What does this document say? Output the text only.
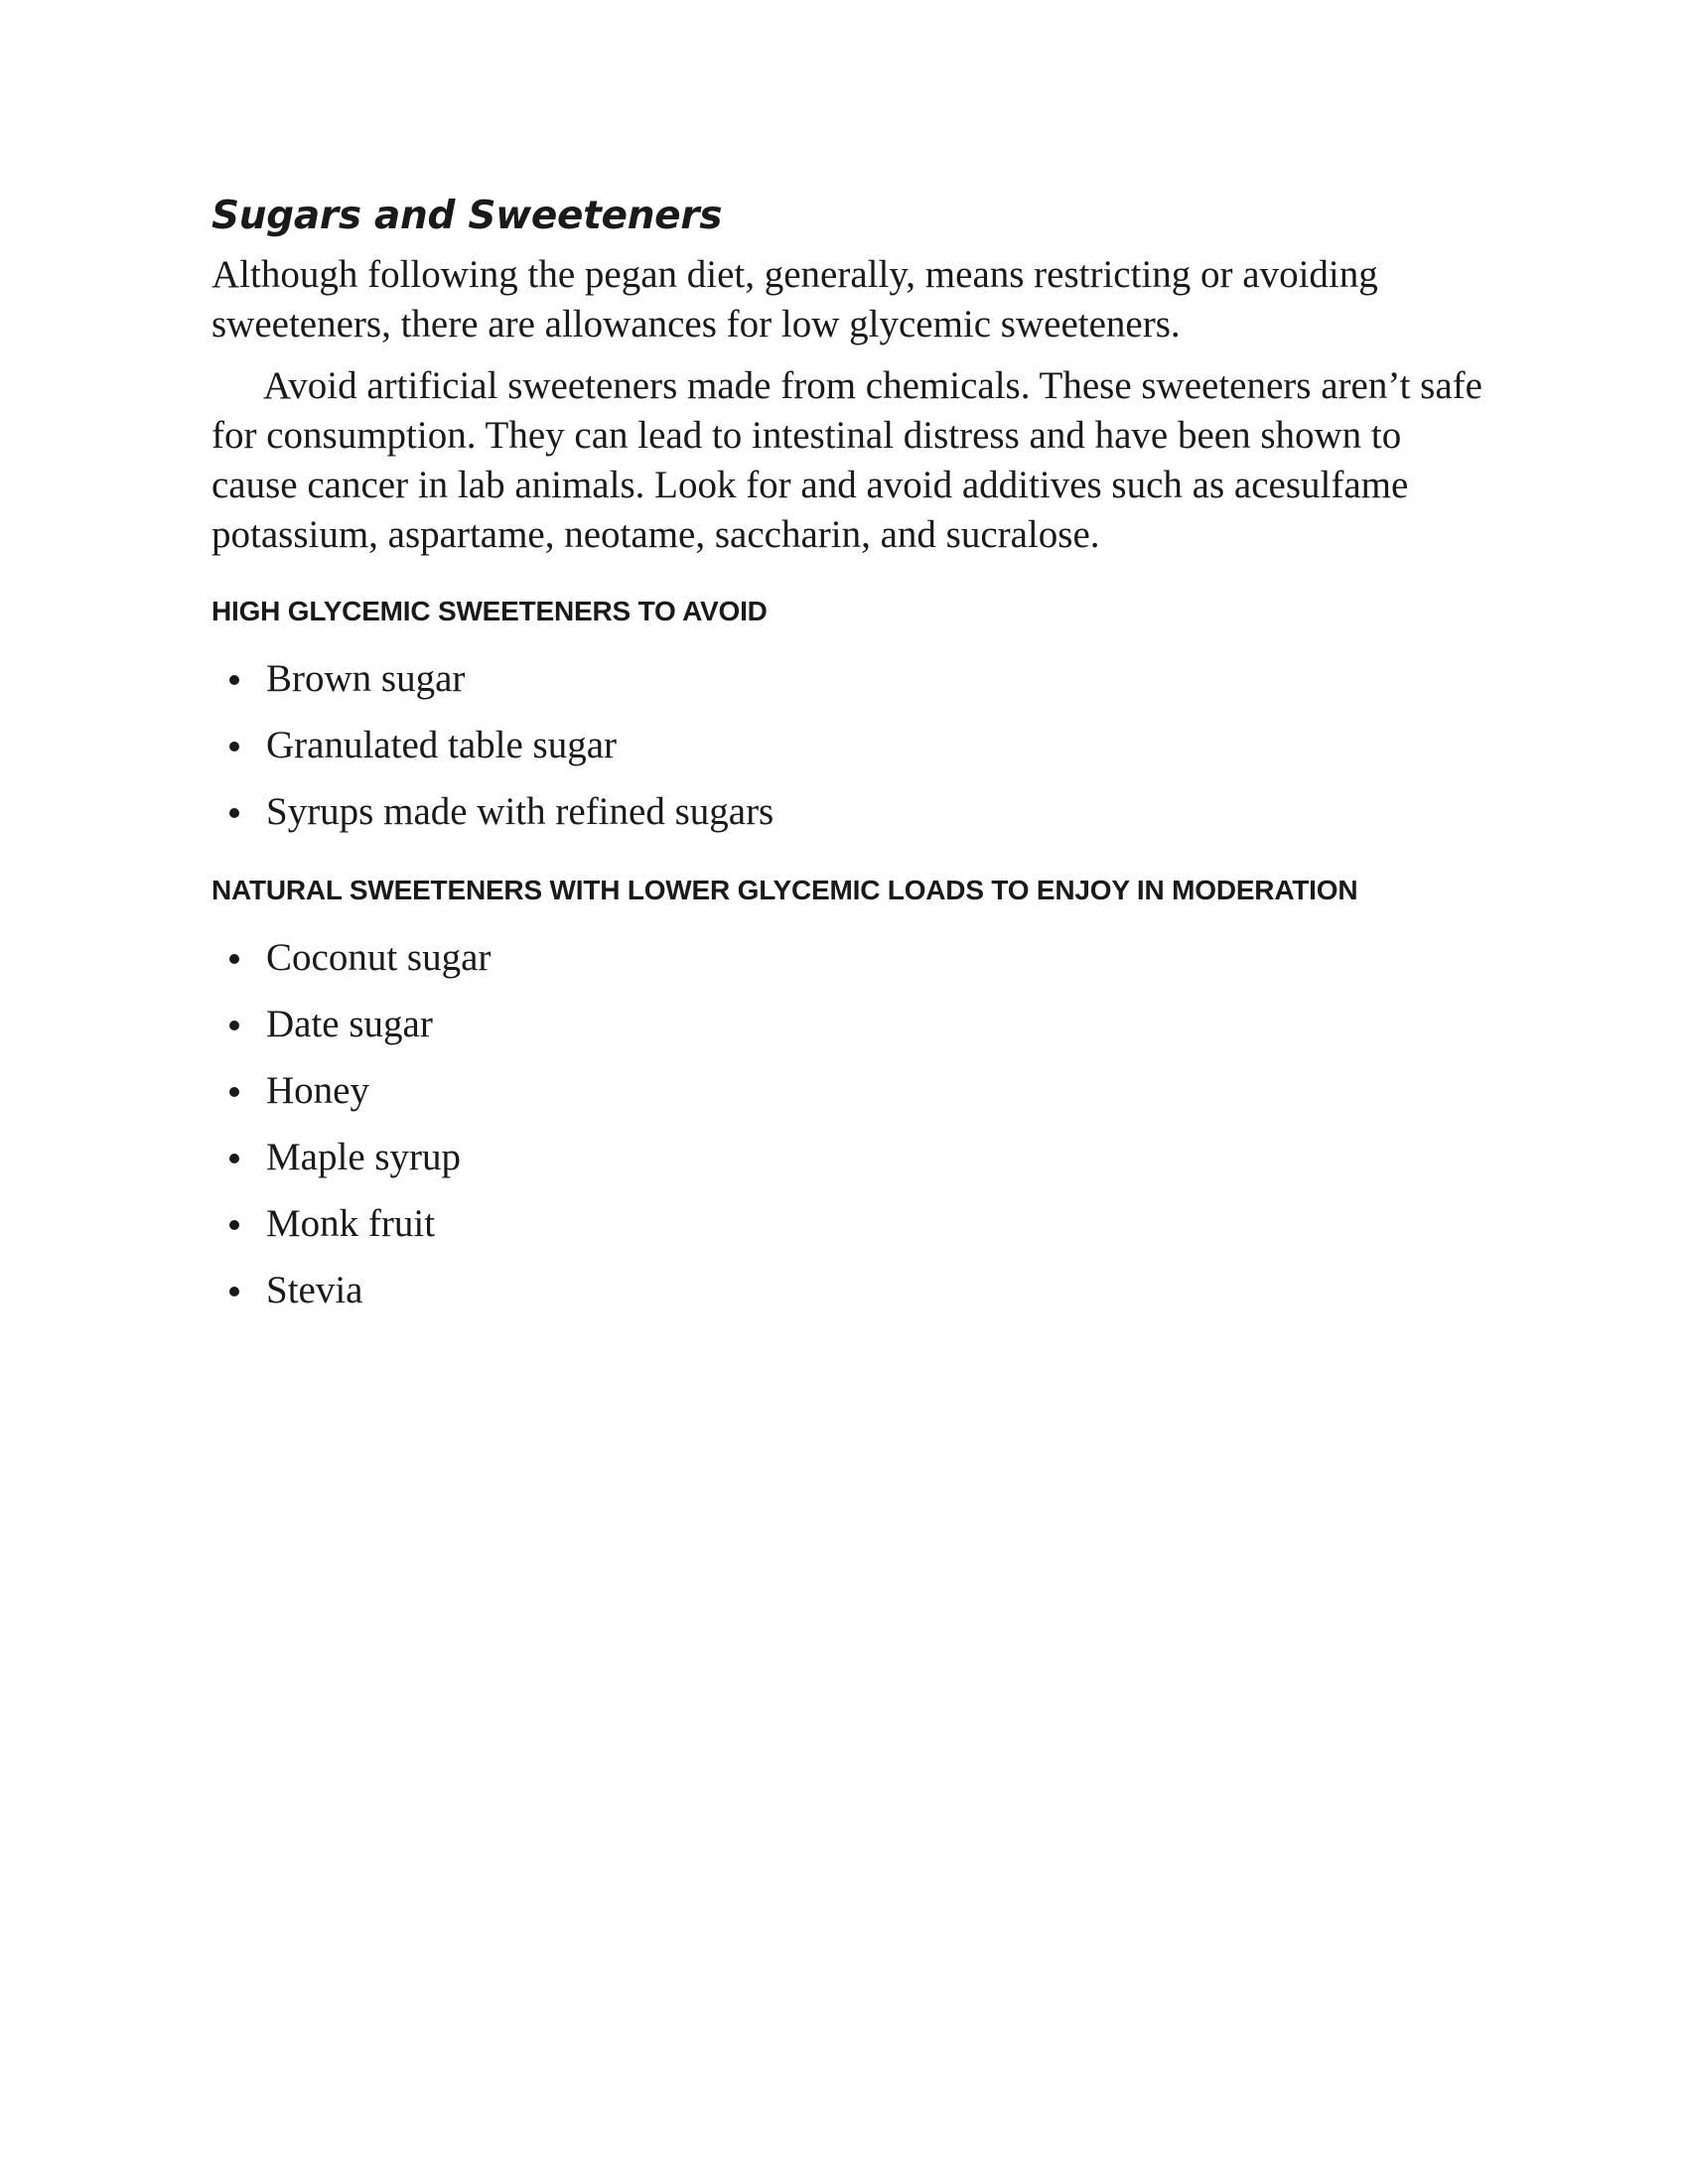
Sugars and Sweeteners

Although following the pegan diet, generally, means restricting or avoiding sweeteners, there are allowances for low glycemic sweeteners.

Avoid artificial sweeteners made from chemicals. These sweeteners aren’t safe for consumption. They can lead to intestinal distress and have been shown to cause cancer in lab animals. Look for and avoid additives such as acesulfame potassium, aspartame, neotame, saccharin, and sucralose.

HIGH GLYCEMIC SWEETENERS TO AVOID
Brown sugar
Granulated table sugar
Syrups made with refined sugars
NATURAL SWEETENERS WITH LOWER GLYCEMIC LOADS TO ENJOY IN MODERATION
Coconut sugar
Date sugar
Honey
Maple syrup
Monk fruit
Stevia
